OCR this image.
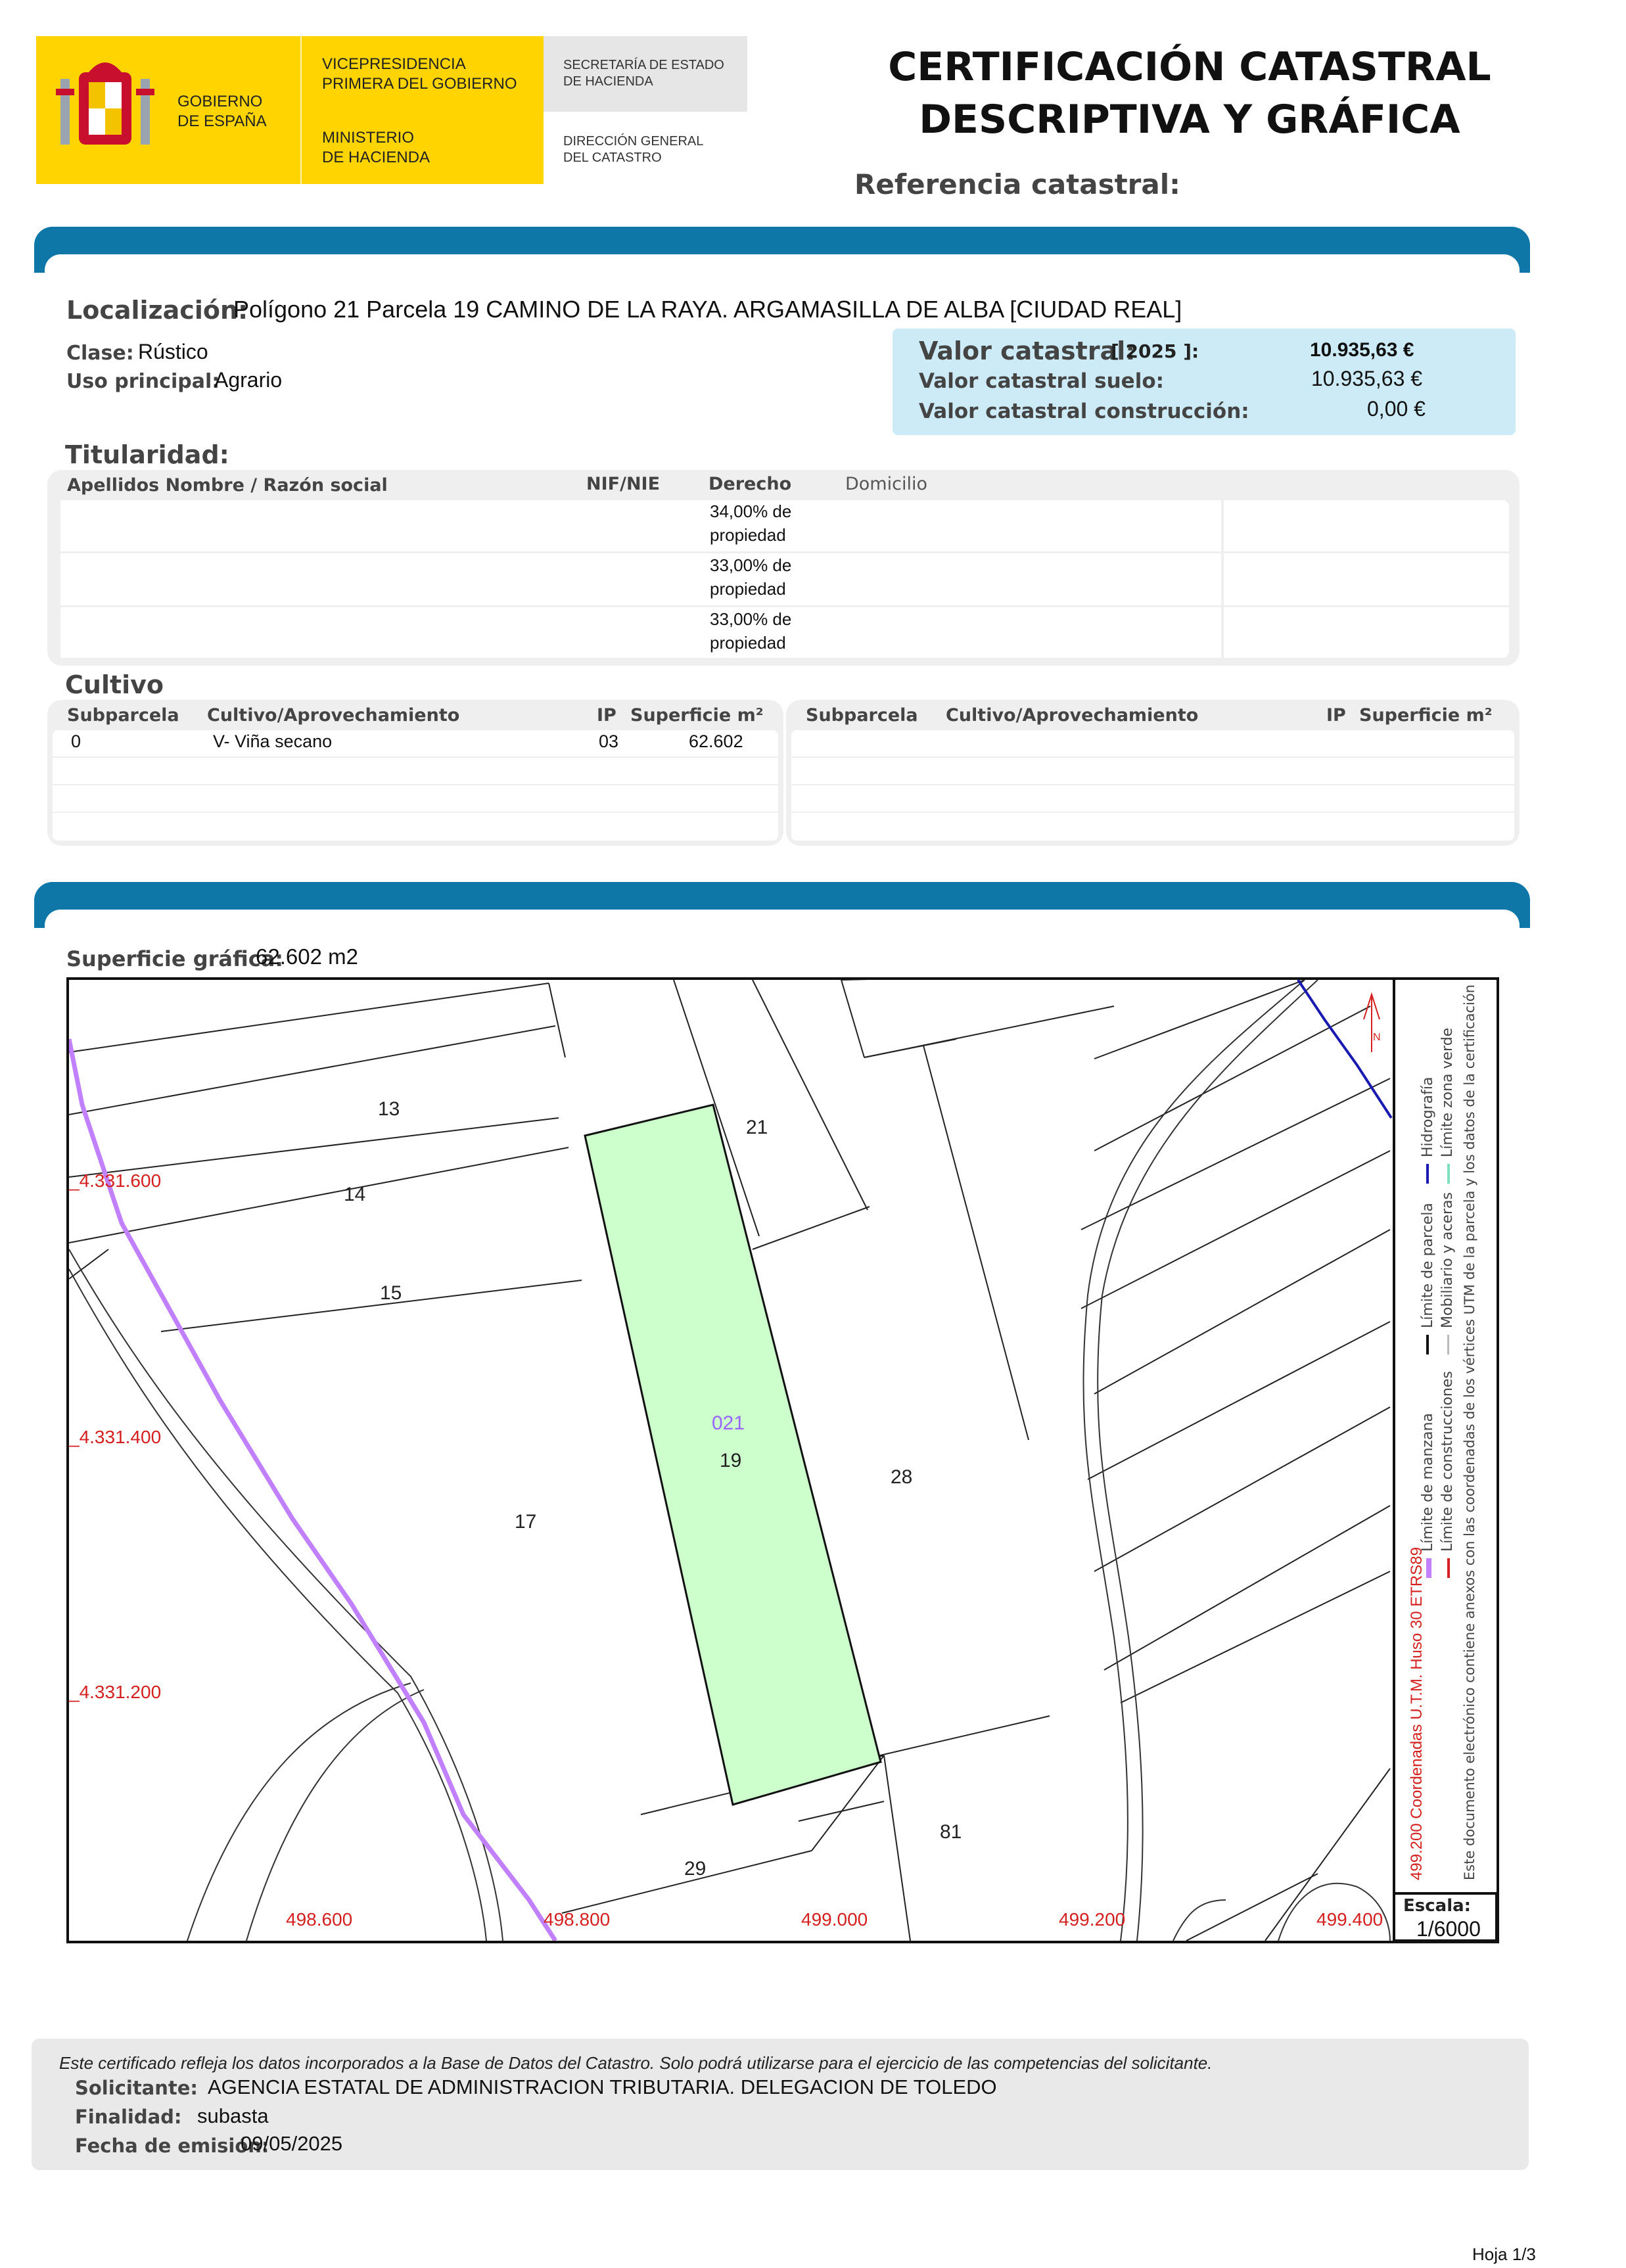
GOBIERNO
DE ESPAÑA
VICEPRESIDENCIA
PRIMERA DEL GOBIERNO
MINISTERIO
DE HACIENDA
SECRETARÍA DE ESTADO
DE HACIENDA
DIRECCIÓN GENERAL
DEL CATASTRO
CERTIFICACIÓN CATASTRAL
DESCRIPTIVA Y GRÁFICA
Referencia catastral:
Localización:
Polígono 21 Parcela 19 CAMINO DE LA RAYA. ARGAMASILLA DE ALBA [CIUDAD REAL]
Clase: Rústico
Uso principal:
Agrario
Valor catastral:
[ 2025 ]:	10.935,63 €
Valor catastral suelo:	10.935,63 €
Valor catastral construcción:	0,00 €
Titularidad:
Apellidos Nombre / Razón social	NIF/NIE	Derecho	Domicilio
34,00% de
propiedad
33,00% de
propiedad
33,00% de
propiedad
Cultivo
Subparcela Cultivo/Aprovechamiento	IP Superficie m²
0	V- Viña secano	03	62.602
Subparcela Cultivo/Aprovechamiento	IP Superficie m²
Superficie gráfica:
62.602 m2
N
13
14
15
17
21
19
28
29
81
021
_4.331.600
_4.331.400
_4.331.200
498.600	498.800	499.000	499.200	499.400
Escala:
1/6000
499.200 Coordenadas U.T.M. Huso 30 ETRS89
Límite de manzana Límite de construcciones
Límite de parcela Mobiliario y aceras
Hidrografía Límite zona verde Este documento electrónico contiene anexos con las coordenadas de los vértices UTM de la parcela y los datos de la certificación
Este certificado refleja los datos incorporados a la Base de Datos del Catastro. Solo podrá utilizarse para el ejercicio de las competencias del solicitante.
Solicitante: AGENCIA ESTATAL DE ADMINISTRACION TRIBUTARIA. DELEGACION DE TOLEDO
Finalidad: subasta
Fecha de emisión:
09/05/2025
Hoja 1/3
